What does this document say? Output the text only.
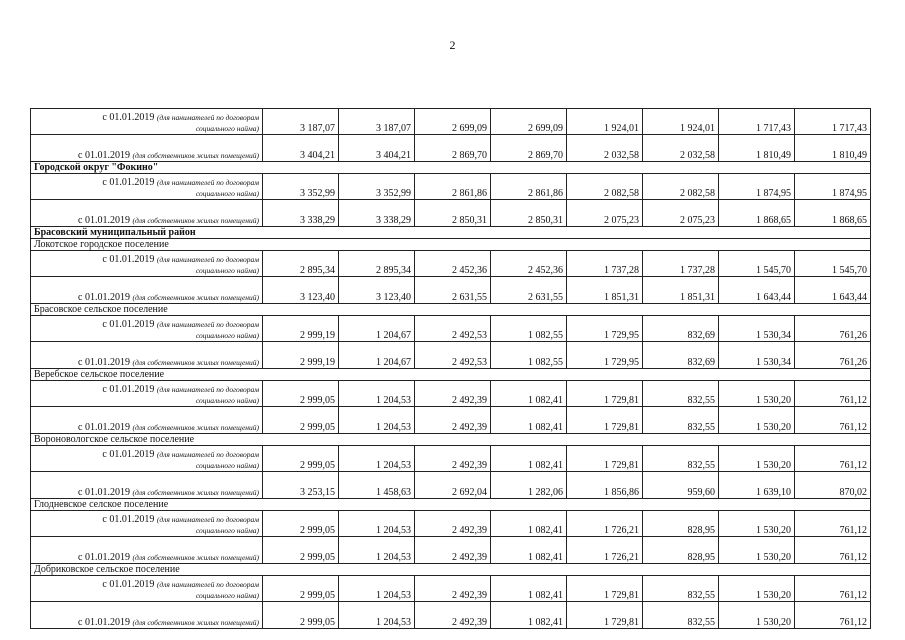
2
с 01.01.2019 (для нанимателей по договорам
социального найма)	3 187,07	3 187,07	2 699,09	2 699,09	1 924,01	1 924,01	1 717,43	1 717,43
с 01.01.2019 (для собственников жилых помещений)	3 404,21	3 404,21	2 869,70	2 869,70	2 032,58	2 032,58	1 810,49	1 810,49
Городской округ "Фокино"								

с 01.01.2019 (для нанимателей по договорам
социального найма)	3 352,99	3 352,99	2 861,86	2 861,86	2 082,58	2 082,58	1 874,95	1 874,95
с 01.01.2019 (для собственников жилых помещений)	3 338,29	3 338,29	2 850,31	2 850,31	2 075,23	2 075,23	1 868,65	1 868,65
Брасовский муниципальный район								
Локотское городское поселение								

с 01.01.2019 (для нанимателей по договорам
социального найма)	2 895,34	2 895,34	2 452,36	2 452,36	1 737,28	1 737,28	1 545,70	1 545,70
с 01.01.2019 (для собственников жилых помещений)	3 123,40	3 123,40	2 631,55	2 631,55	1 851,31	1 851,31	1 643,44	1 643,44
Брасовское сельское поселение								

с 01.01.2019 (для нанимателей по договорам
социального найма)	2 999,19	1 204,67	2 492,53	1 082,55	1 729,95	832,69	1 530,34	761,26
с 01.01.2019 (для собственников жилых помещений)	2 999,19	1 204,67	2 492,53	1 082,55	1 729,95	832,69	1 530,34	761,26
Веребское сельское поселение								

с 01.01.2019 (для нанимателей по договорам
социального найма)	2 999,05	1 204,53	2 492,39	1 082,41	1 729,81	832,55	1 530,20	761,12
с 01.01.2019 (для собственников жилых помещений)	2 999,05	1 204,53	2 492,39	1 082,41	1 729,81	832,55	1 530,20	761,12
Вороновологское сельское поселение								

с 01.01.2019 (для нанимателей по договорам
социального найма)	2 999,05	1 204,53	2 492,39	1 082,41	1 729,81	832,55	1 530,20	761,12
с 01.01.2019 (для собственников жилых помещений)	3 253,15	1 458,63	2 692,04	1 282,06	1 856,86	959,60	1 639,10	870,02
Глодневское селское поселение								

с 01.01.2019 (для нанимателей по договорам
социального найма)	2 999,05	1 204,53	2 492,39	1 082,41	1 726,21	828,95	1 530,20	761,12
с 01.01.2019 (для собственников жилых помещений)	2 999,05	1 204,53	2 492,39	1 082,41	1 726,21	828,95	1 530,20	761,12
Добриковское сельское поселение								

с 01.01.2019 (для нанимателей по договорам
социального найма)	2 999,05	1 204,53	2 492,39	1 082,41	1 729,81	832,55	1 530,20	761,12
с 01.01.2019 (для собственников жилых помещений)	2 999,05	1 204,53	2 492,39	1 082,41	1 729,81	832,55	1 530,20	761,12
